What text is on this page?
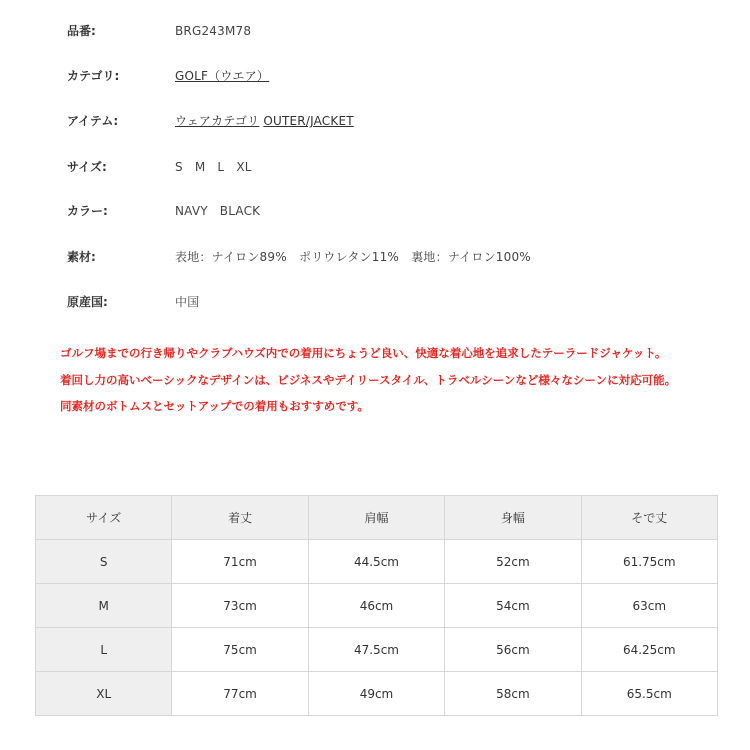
品番:	BRG243M78
カテゴリ:	GOLF（ウエア）
アイテム:	ウェアカテゴリ OUTER/JACKET
サイズ:	S M L XL
カラー:	NAVY BLACK
素材:	表地：ナイロン89%　ポリウレタン11%　裏地：ナイロン100%
原産国:	中国

ゴルフ場までの行き帰りやクラブハウズ内での着用にちょうど良い、快適な着心地を追求したテーラードジャケット。

着回し力の高いベーシックなデザインは、ビジネスやデイリースタイル、トラベルシーンなど様々なシーンに対応可能。

同素材のボトムスとセットアップでの着用もおすすめです。

サイズ	着丈	肩幅	身幅	そで丈
S	71cm	44.5cm	52cm	61.75cm
M	73cm	46cm	54cm	63cm
L	75cm	47.5cm	56cm	64.25cm
XL	77cm	49cm	58cm	65.5cm
